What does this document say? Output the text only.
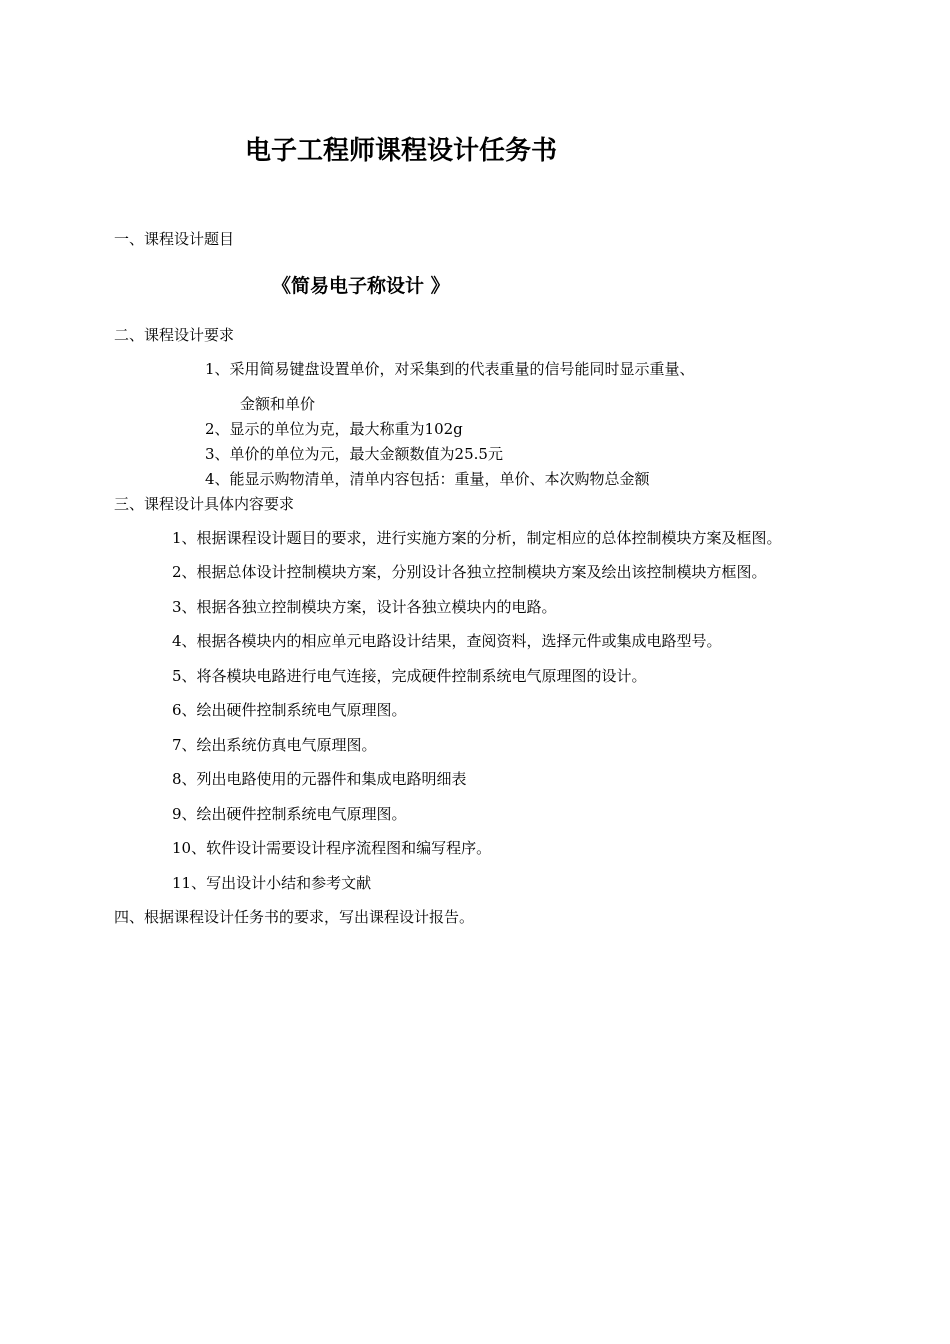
电子工程师课程设计任务书
一、课程设计题目
《简易电子称设计 》
二、课程设计要求
1、采用简易键盘设置单价，对采集到的代表重量的信号能同时显示重量、
金额和单价
2、显示的单位为克，最大称重为102g
3、单价的单位为元，最大金额数值为25.5元
4、能显示购物清单，清单内容包括：重量，单价、本次购物总金额
三、课程设计具体内容要求
1、根据课程设计题目的要求，进行实施方案的分析，制定相应的总体控制模块方案及框图。
2、根据总体设计控制模块方案，分别设计各独立控制模块方案及绘出该控制模块方框图。
3、根据各独立控制模块方案，设计各独立模块内的电路。
4、根据各模块内的相应单元电路设计结果，查阅资料，选择元件或集成电路型号。
5、将各模块电路进行电气连接，完成硬件控制系统电气原理图的设计。
6、绘出硬件控制系统电气原理图。
7、绘出系统仿真电气原理图。
8、列出电路使用的元器件和集成电路明细表
9、绘出硬件控制系统电气原理图。
10、软件设计需要设计程序流程图和编写程序。
11、写出设计小结和参考文献
四、根据课程设计任务书的要求，写出课程设计报告。
